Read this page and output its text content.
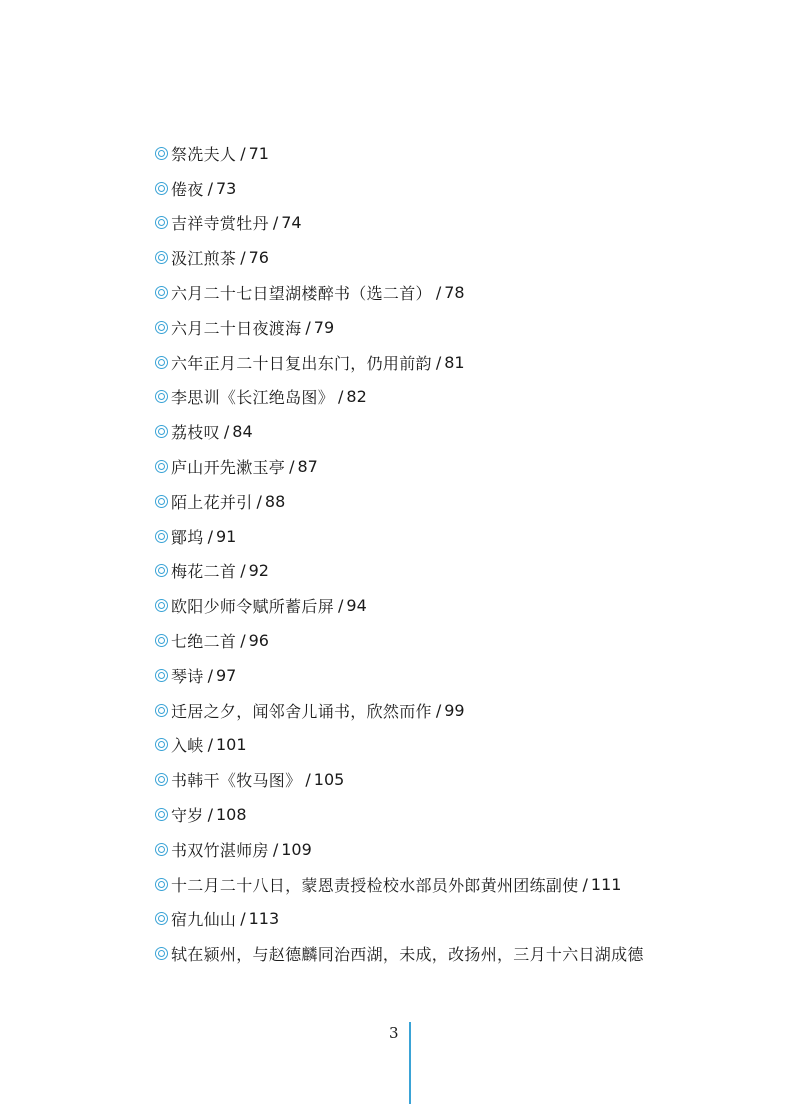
祭冼夫人 / 71
倦夜 / 73
吉祥寺赏牡丹 / 74
汲江煎茶 / 76
六月二十七日望湖楼醉书（选二首） / 78
六月二十日夜渡海 / 79
六年正月二十日复出东门，仍用前韵 / 81
李思训《长江绝岛图》 / 82
荔枝叹 / 84
庐山开先漱玉亭 / 87
陌上花并引 / 88
鄮坞 / 91
梅花二首 / 92
欧阳少师令赋所蓄后屏 / 94
七绝二首 / 96
琴诗 / 97
迁居之夕，闻邻舍儿诵书，欣然而作 / 99
入峡 / 101
书韩干《牧马图》 / 105
守岁 / 108
书双竹湛师房 / 109
十二月二十八日，蒙恩责授检校水部员外郎黄州团练副使 / 111
宿九仙山 / 113
轼在颍州，与赵德麟同治西湖，未成，改扬州，三月十六日湖成德
3
